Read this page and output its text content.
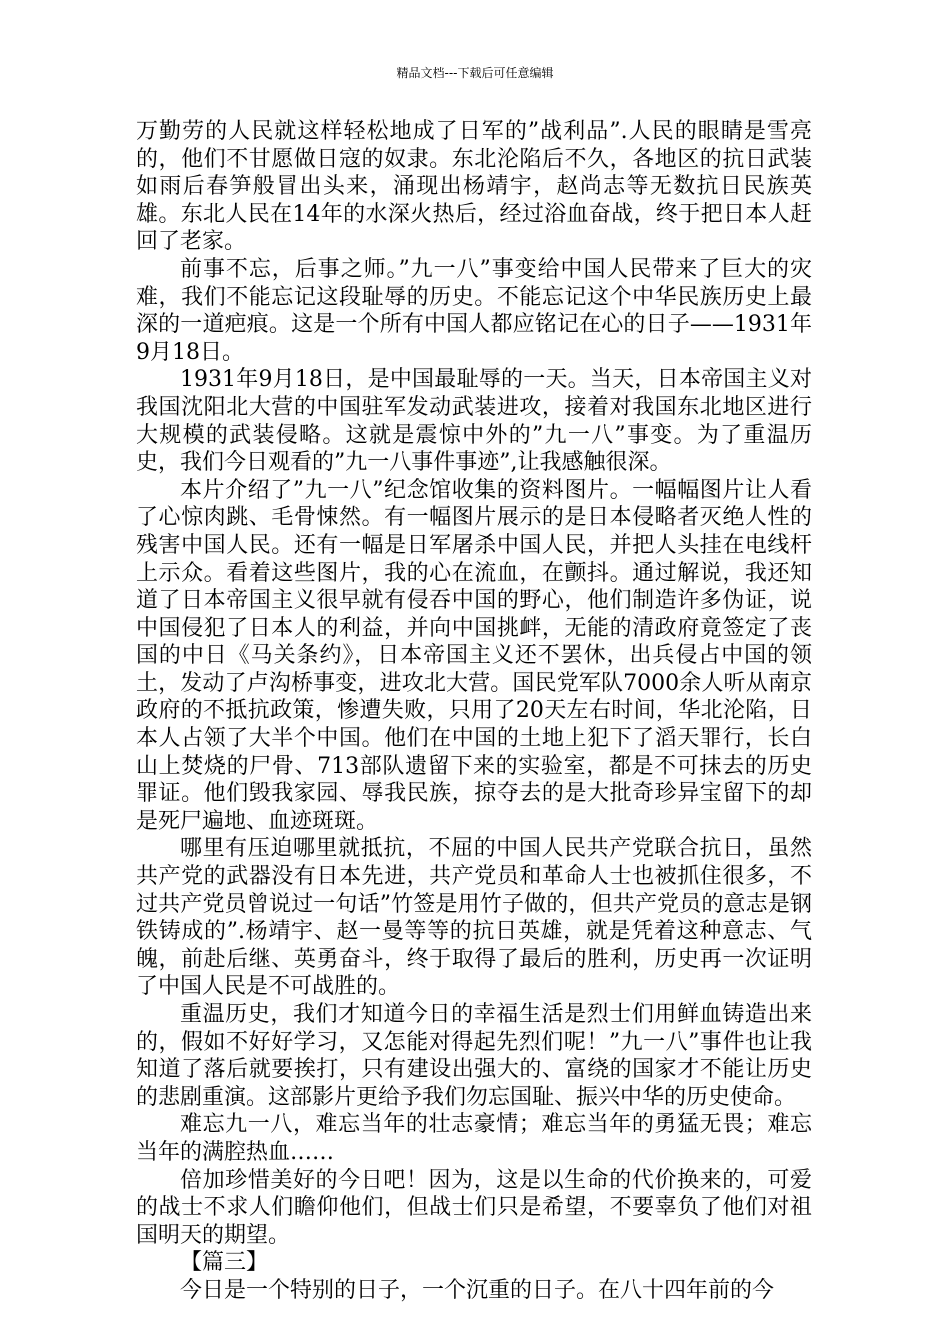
精品文档---下载后可任意编辑

万勤劳的人民就这样轻松地成了日军的”战利品”.人民的眼睛是雪亮的，他们不甘愿做日寇的奴隶。东北沦陷后不久，各地区的抗日武装如雨后春笋般冒出头来，涌现出杨靖宇，赵尚志等无数抗日民族英雄。东北人民在14年的水深火热后，经过浴血奋战，终于把日本人赶回了老家。

前事不忘，后事之师。”九一八”事变给中国人民带来了巨大的灾难，我们不能忘记这段耻辱的历史。不能忘记这个中华民族历史上最深的一道疤痕。这是一个所有中国人都应铭记在心的日子——1931年9月18日。

1931年9月18日，是中国最耻辱的一天。当天，日本帝国主义对我国沈阳北大营的中国驻军发动武装进攻，接着对我国东北地区进行大规模的武装侵略。这就是震惊中外的”九一八”事变。为了重温历史，我们今日观看的”九一八事件事迹”,让我感触很深。

本片介绍了”九一八”纪念馆收集的资料图片。一幅幅图片让人看了心惊肉跳、毛骨悚然。有一幅图片展示的是日本侵略者灭绝人性的残害中国人民。还有一幅是日军屠杀中国人民，并把人头挂在电线杆上示众。看着这些图片，我的心在流血，在颤抖。通过解说，我还知道了日本帝国主义很早就有侵吞中国的野心，他们制造许多伪证，说中国侵犯了日本人的利益，并向中国挑衅，无能的清政府竟签定了丧国的中日《马关条约》，日本帝国主义还不罢休，出兵侵占中国的领土，发动了卢沟桥事变，进攻北大营。国民党军队7000余人听从南京政府的不抵抗政策，惨遭失败，只用了20天左右时间，华北沦陷，日本人占领了大半个中国。他们在中国的土地上犯下了滔天罪行，长白山上焚烧的尸骨、713部队遗留下来的实验室，都是不可抹去的历史罪证。他们毁我家园、辱我民族，掠夺去的是大批奇珍异宝留下的却是死尸遍地、血迹斑斑。

哪里有压迫哪里就抵抗，不屈的中国人民共产党联合抗日，虽然共产党的武器没有日本先进，共产党员和革命人士也被抓住很多，不过共产党员曾说过一句话”竹签是用竹子做的，但共产党员的意志是钢铁铸成的”.杨靖宇、赵一曼等等的抗日英雄，就是凭着这种意志、气魄，前赴后继、英勇奋斗，终于取得了最后的胜利，历史再一次证明了中国人民是不可战胜的。

重温历史，我们才知道今日的幸福生活是烈士们用鲜血铸造出来的，假如不好好学习，又怎能对得起先烈们呢！”九一八”事件也让我知道了落后就要挨打，只有建设出强大的、富绕的国家才不能让历史的悲剧重演。这部影片更给予我们勿忘国耻、振兴中华的历史使命。

难忘九一八，难忘当年的壮志豪情；难忘当年的勇猛无畏；难忘当年的满腔热血……

倍加珍惜美好的今日吧！因为，这是以生命的代价换来的，可爱的战士不求人们瞻仰他们，但战士们只是希望，不要辜负了他们对祖国明天的期望。

【篇三】

今日是一个特别的日子，一个沉重的日子。在八十四年前的今
